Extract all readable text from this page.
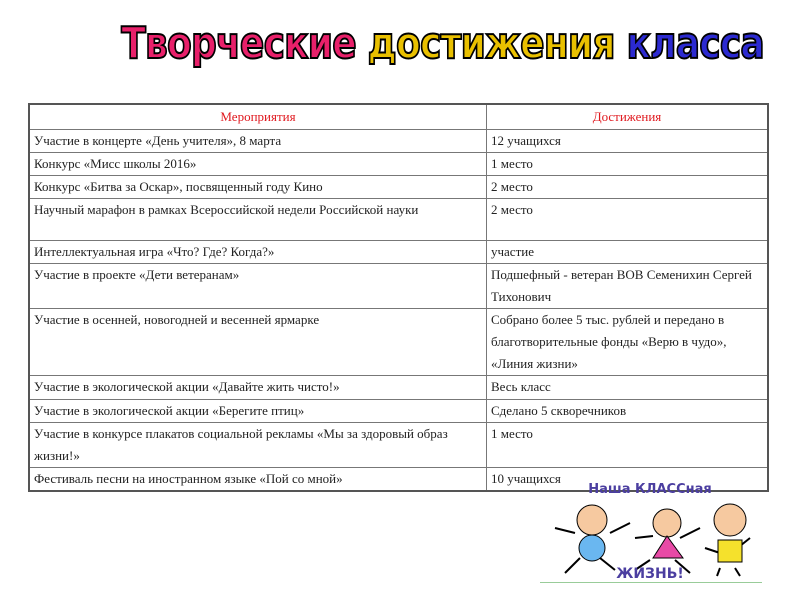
Творческие достижения класса
Мероприятия	Достижения
Участие в концерте «День учителя», 8 марта	12 учащихся
Конкурс «Мисс школы 2016»	1 место
Конкурс «Битва за Оскар», посвященный году Кино	2 место
Научный марафон в рамках Всероссийской недели Российской науки	2 место
Интеллектуальная игра «Что? Где? Когда?»	участие
Участие в проекте «Дети ветеранам»	Подшефный - ветеран ВОВ Семенихин Сергей Тихонович
Участие в осенней, новогодней и весенней ярмарке	Собрано более 5 тыс. рублей и передано в благотворительные фонды «Верю в чудо», «Линия жизни»
Участие в экологической акции «Давайте жить чисто!»	Весь класс
Участие в экологической акции «Берегите птиц»	Сделано 5 скворечников
Участие в конкурсе плакатов социальной рекламы «Мы за здоровый образ жизни!»	1 место
Фестиваль песни на иностранном языке «Пой со мной»	10 учащихся
Наша КЛАССная
ЖИЗНЬ!
